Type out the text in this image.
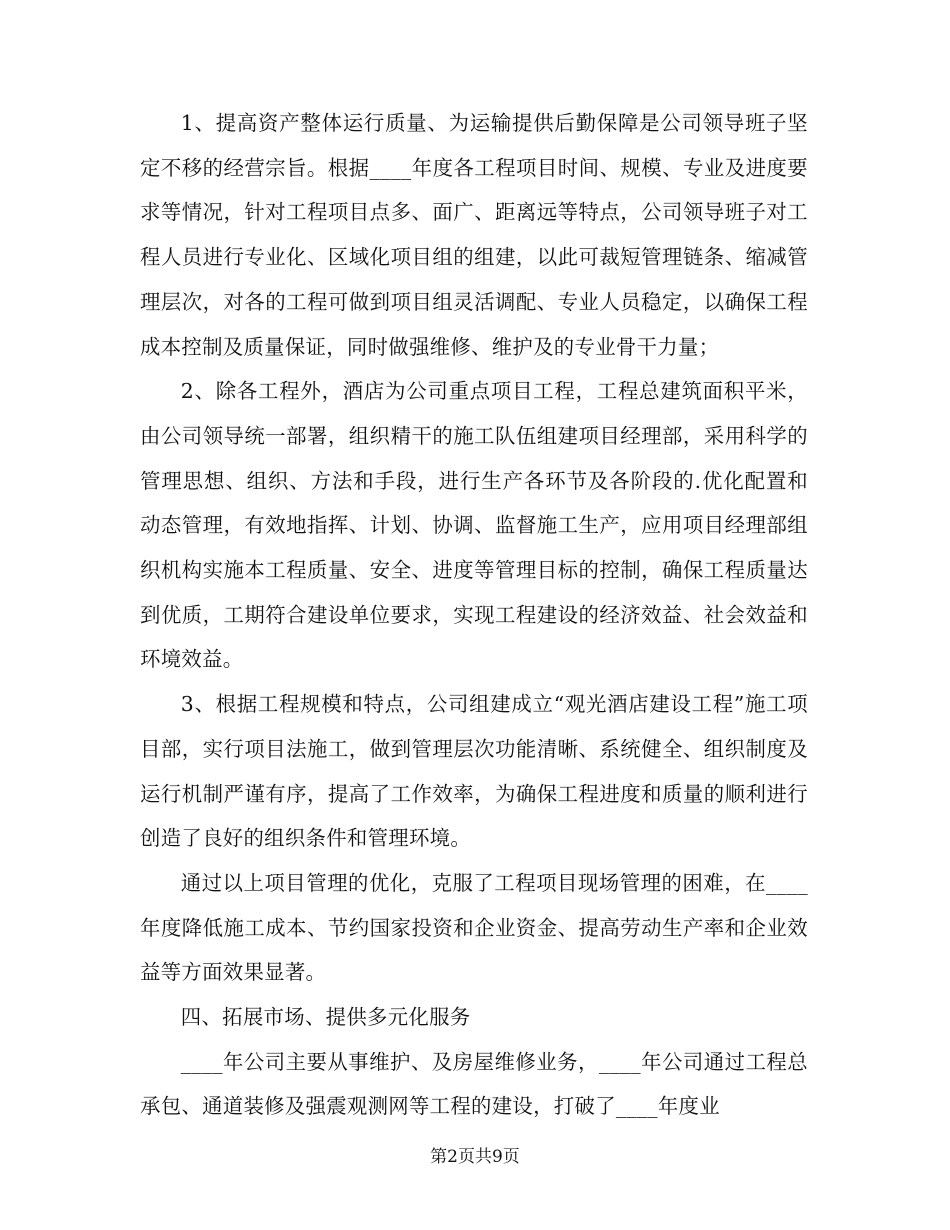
1、提高资产整体运行质量、为运输提供后勤保障是公司领导班子坚定不移的经营宗旨。根据____年度各工程项目时间、规模、专业及进度要求等情况，针对工程项目点多、面广、距离远等特点，公司领导班子对工程人员进行专业化、区域化项目组的组建，以此可裁短管理链条、缩减管理层次，对各的工程可做到项目组灵活调配、专业人员稳定，以确保工程成本控制及质量保证，同时做强维修、维护及的专业骨干力量；

2、除各工程外，酒店为公司重点项目工程，工程总建筑面积平米，由公司领导统一部署，组织精干的施工队伍组建项目经理部，采用科学的管理思想、组织、方法和手段，进行生产各环节及各阶段的.优化配置和动态管理，有效地指挥、计划、协调、监督施工生产，应用项目经理部组织机构实施本工程质量、安全、进度等管理目标的控制，确保工程质量达到优质，工期符合建设单位要求，实现工程建设的经济效益、社会效益和环境效益。

3、根据工程规模和特点，公司组建成立“观光酒店建设工程”施工项目部，实行项目法施工，做到管理层次功能清晰、系统健全、组织制度及运行机制严谨有序，提高了工作效率，为确保工程进度和质量的顺利进行创造了良好的组织条件和管理环境。

通过以上项目管理的优化，克服了工程项目现场管理的困难，在____年度降低施工成本、节约国家投资和企业资金、提高劳动生产率和企业效益等方面效果显著。

四、拓展市场、提供多元化服务

____年公司主要从事维护、及房屋维修业务，____年公司通过工程总承包、通道装修及强震观测网等工程的建设，打破了____年度业

第2页共9页
